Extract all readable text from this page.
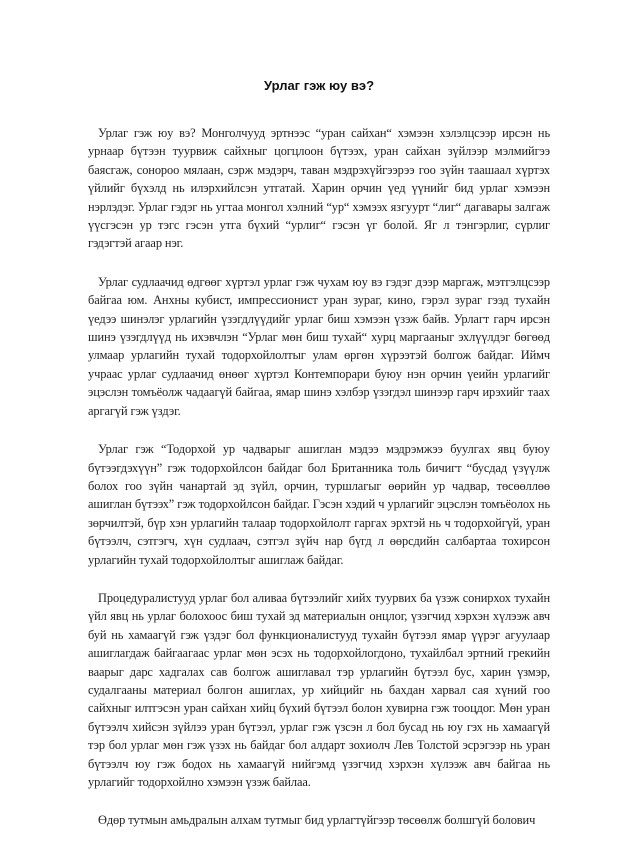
Урлаг гэж юу вэ?

Урлаг гэж юу вэ? Монголчууд эртнээс “уран сайхан“ хэмээн хэлэлцсээр ирсэн нь урнаар бүтээн туурвиж сайхныг цогцлоон бүтээх, уран сайхан зүйлээр мэлмийгээ баясгаж, сонороо мялаан, сэрж мэдэрч, таван мэдрэхүйгээрээ гоо зүйн таашаал хүртэх үйлийг бүхэлд нь илэрхийлсэн утгатай. Харин орчин үед үүнийг бид урлаг хэмээн нэрлэдэг. Урлаг гэдэг нь угтаа монгол хэлний “ур“ хэмээх язгуурт “лиг“ дагавары залгаж үүсгэсэн ур тэгс гэсэн утга бүхий “урлиг“ гэсэн үг болой. Яг л тэнгэрлиг, сүрлиг гэдэгтэй агаар нэг.

Урлаг судлаачид өдгөөг хүртэл урлаг гэж чухам юу вэ гэдэг дээр маргаж, мэтгэлцсээр байгаа юм. Анхны кубист, импрессионист уран зураг, кино, гэрэл зураг гээд тухайн үедээ шинэлэг урлагийн үзэгдлүүдийг урлаг биш хэмээн үзэж байв. Урлагт гарч ирсэн шинэ үзэгдлүүд нь ихэвчлэн “Урлаг мөн биш тухай“ хурц маргааныг эхлүүлдэг бөгөөд улмаар урлагийн тухай тодорхойлолтыг улам өргөн хүрээтэй болгож байдаг. Иймч учраас урлаг судлаачид өнөөг хүртэл Контемпорари буюу нэн орчин үеийн урлагийг эцэслэн томъёолж чадаагүй байгаа, ямар шинэ хэлбэр үзэгдэл шинээр гарч ирэхийг таах аргагүй гэж үздэг.

Урлаг гэж “Тодорхой ур чадварыг ашиглан мэдээ мэдрэмжээ буулгах явц буюу бүтээгдэхүүн” гэж тодорхойлсон байдаг бол Британника толь бичигт “бусдад үзүүлж болох гоо зүйн чанартай эд зүйл, орчин, туршлагыг өөрийн ур чадвар, төсөөллөө ашиглан бүтээх” гэж тодорхойлсон байдаг. Гэсэн хэдий ч урлагийг эцэслэн томъёолох нь зөрчилтэй, бүр хэн урлагийн талаар тодорхойлолт гаргах эрхтэй нь ч тодорхойгүй, уран бүтээлч, сэтгэгч, хүн судлаач, сэтгэл зүйч нар бүгд л өөрсдийн салбартаа тохирсон урлагийн тухай тодорхойлолтыг ашиглаж байдаг.

Процедуралистууд урлаг бол аливаа бүтээлийг хийх туурвих ба үзэж сонирхох тухайн үйл явц нь урлаг болохоос биш тухай эд материалын онцлог, үзэгчид хэрхэн хүлээж авч буй нь хамаагүй гэж үздэг бол функционалистууд тухайн бүтээл ямар үүрэг агуулаар ашиглагдаж байгаагаас урлаг мөн эсэх нь тодорхойлогдоно, тухайлбал эртний грекийн ваарыг дарс хадгалах сав болгож ашиглавал тэр урлагийн бүтээл бус, харин үзмэр, судалгааны материал болгон ашиглах, ур хийцийг нь бахдан харвал сая хүний гоо сайхныг илтгэсэн уран сайхан хийц бүхий бүтээл болон хувирна гэж тооцдог. Мөн уран бүтээлч хийсэн зүйлээ уран бүтээл, урлаг гэж үзсэн л бол бусад нь юу гэх нь хамаагүй тэр бол урлаг мөн гэж үзэх нь байдаг бол алдарт зохиолч Лев Толстой эсрэгээр нь уран бүтээлч юу гэж бодох нь хамаагүй нийгэмд үзэгчид хэрхэн хүлээж авч байгаа нь урлагийг тодорхойлно хэмээн үзэж байлаа.

Өдөр тутмын амьдралын алхам тутмыг бид урлагтүйгээр төсөөлж болшгүй болович
